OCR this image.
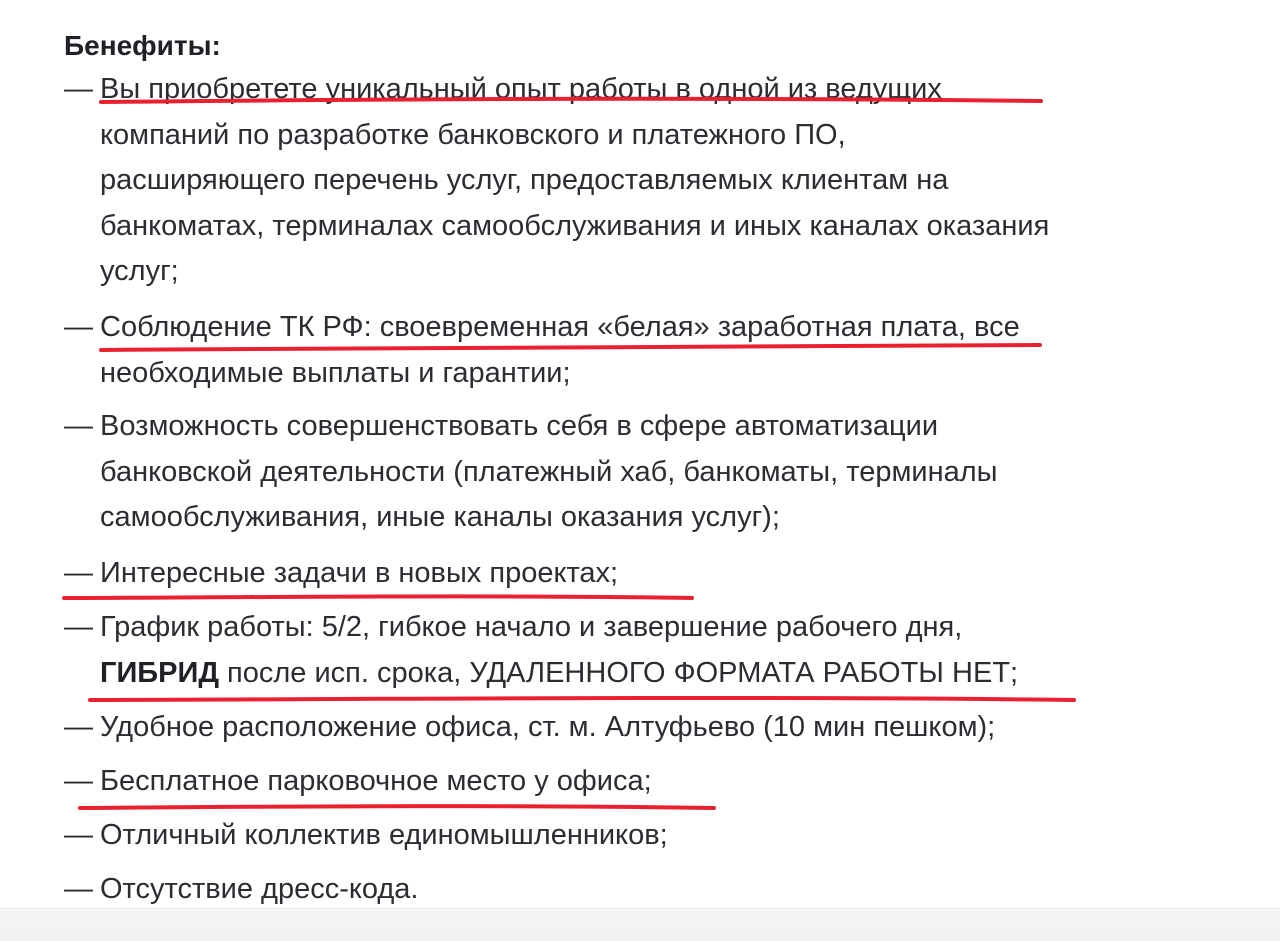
Бенефиты:
— Вы приобретете уникальный опыт работы в одной из ведущих
компаний по разработке банковского и платежного ПО,
расширяющего перечень услуг, предоставляемых клиентам на
банкоматах, терминалах самообслуживания и иных каналах оказания
услуг;
— Соблюдение ТК РФ: своевременная «белая» заработная плата, все
необходимые выплаты и гарантии;
— Возможность совершенствовать себя в сфере автоматизации
банковской деятельности (платежный хаб, банкоматы, терминалы
самообслуживания, иные каналы оказания услуг);
— Интересные задачи в новых проектах;
— График работы: 5/2, гибкое начало и завершение рабочего дня,
ГИБРИД после исп. срока, УДАЛЕННОГО ФОРМАТА РАБОТЫ НЕТ;
— Удобное расположение офиса, ст. м. Алтуфьево (10 мин пешком);
— Бесплатное парковочное место у офиса;
— Отличный коллектив единомышленников;
— Отсутствие дресс-кода.
